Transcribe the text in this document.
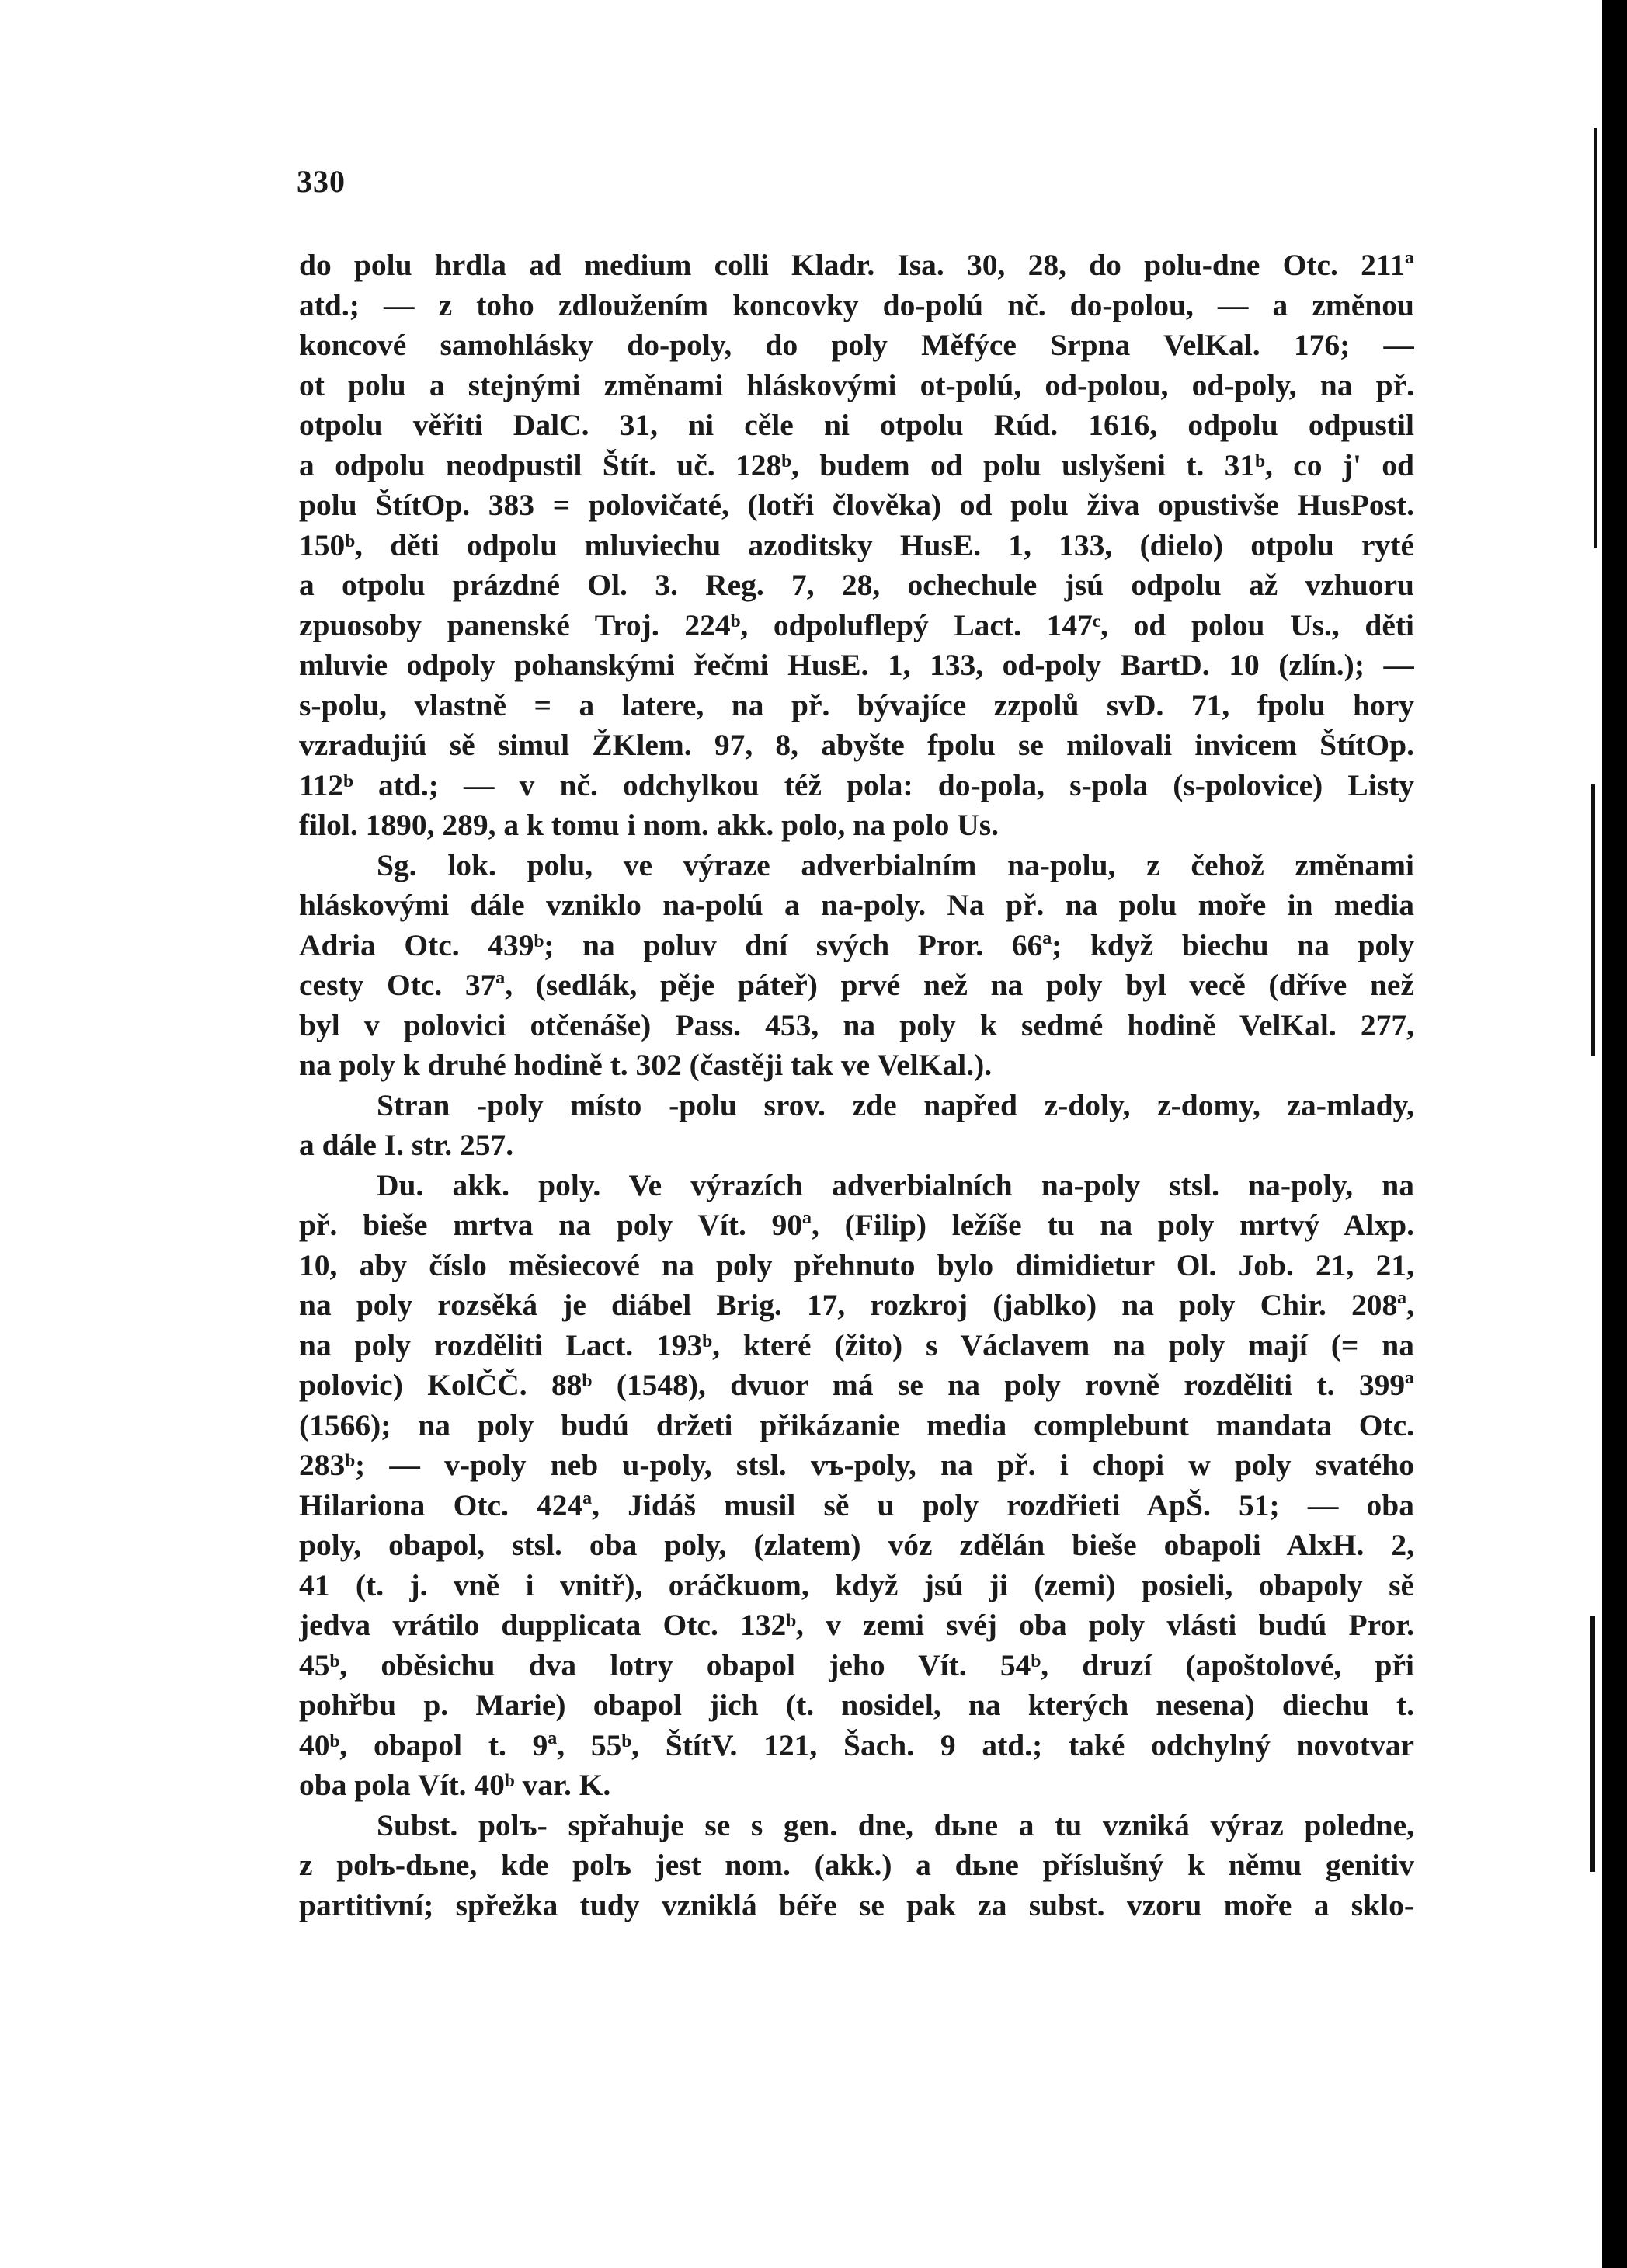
330
do polu hrdla ad medium colli Kladr. Isa. 30, 28, do polu-dne Otc. 211ª
atd.; — z toho zdloužením koncovky do-polú nč. do-polou, — a změnou
koncové samohlásky do-poly, do poly Měfýce Srpna VelKal. 176; —
ot polu a stejnými změnami hláskovými ot-polú, od-polou, od-poly, na př.
otpolu věřiti DalC. 31, ni cěle ni otpolu Rúd. 1616, odpolu odpustil
a odpolu neodpustil Štít. uč. 128ᵇ, budem od polu uslyšeni t. 31ᵇ, co j' od
polu ŠtítOp. 383 = polovičaté, (lotři člověka) od polu živa opustivše HusPost.
150ᵇ, děti odpolu mluviechu azoditsky HusE. 1, 133, (dielo) otpolu ryté
a otpolu prázdné Ol. 3. Reg. 7, 28, ochechule jsú odpolu až vzhuoru
zpuosoby panenské Troj. 224ᵇ, odpoluflepý Lact. 147ᶜ, od polou Us., děti
mluvie odpoly pohanskými řečmi HusE. 1, 133, od-poly BartD. 10 (zlín.); —
s-polu, vlastně = a latere, na př. bývajíce zzpolů svD. 71, fpolu hory
vzradujiú sě simul ŽKlem. 97, 8, abyšte fpolu se milovali invicem ŠtítOp.
112ᵇ atd.; — v nč. odchylkou též pola: do-pola, s-pola (s-polovice) Listy
filol. 1890, 289, a k tomu i nom. akk. polo, na polo Us.
Sg. lok. polu, ve výraze adverbialním na-polu, z čehož změnami
hláskovými dále vzniklo na-polú a na-poly. Na př. na polu moře in media
Adria Otc. 439ᵇ; na poluv dní svých Pror. 66ª; když biechu na poly
cesty Otc. 37ª, (sedlák, pěje páteř) prvé než na poly byl vecě (dříve než
byl v polovici otčenáše) Pass. 453, na poly k sedmé hodině VelKal. 277,
na poly k druhé hodině t. 302 (častěji tak ve VelKal.).
Stran -poly místo -polu srov. zde napřed z-doly, z-domy, za-mlady,
a dále I. str. 257.
Du. akk. poly. Ve výrazích adverbialních na-poly stsl. na-poly, na
př. bieše mrtva na poly Vít. 90ª, (Filip) ležíše tu na poly mrtvý Alxp.
10, aby číslo měsiecové na poly přehnuto bylo dimidietur Ol. Job. 21, 21,
na poly rozsěká je diábel Brig. 17, rozkroj (jablko) na poly Chir. 208ª,
na poly rozděliti Lact. 193ᵇ, které (žito) s Václavem na poly mají (= na
polovic) KolČČ. 88ᵇ (1548), dvuor má se na poly rovně rozděliti t. 399ª
(1566); na poly budú držeti přikázanie media complebunt mandata Otc.
283ᵇ; — v-poly neb u-poly, stsl. vъ-poly, na př. i chopi w poly svatého
Hilariona Otc. 424ª, Jidáš musil sě u poly rozdřieti ApŠ. 51; — oba
poly, obapol, stsl. oba poly, (zlatem) vóz zdělán bieše obapoli AlxH. 2,
41 (t. j. vně i vnitř), oráčkuom, když jsú ji (zemi) posieli, obapoly sě
jedva vrátilo dupplicata Otc. 132ᵇ, v zemi svéj oba poly vlásti budú Pror.
45ᵇ, oběsichu dva lotry obapol jeho Vít. 54ᵇ, druzí (apoštolové, při
pohřbu p. Marie) obapol jich (t. nosidel, na kterých nesena) diechu t.
40ᵇ, obapol t. 9ª, 55ᵇ, ŠtítV. 121, Šach. 9 atd.; také odchylný novotvar
oba pola Vít. 40ᵇ var. K.
Subst. polъ- spřahuje se s gen. dne, dьne a tu vzniká výraz poledne,
z polъ-dьne, kde polъ jest nom. (akk.) a dьne příslušný k němu genitiv
partitivní; spřežka tudy vzniklá béře se pak za subst. vzoru moře a sklo-
